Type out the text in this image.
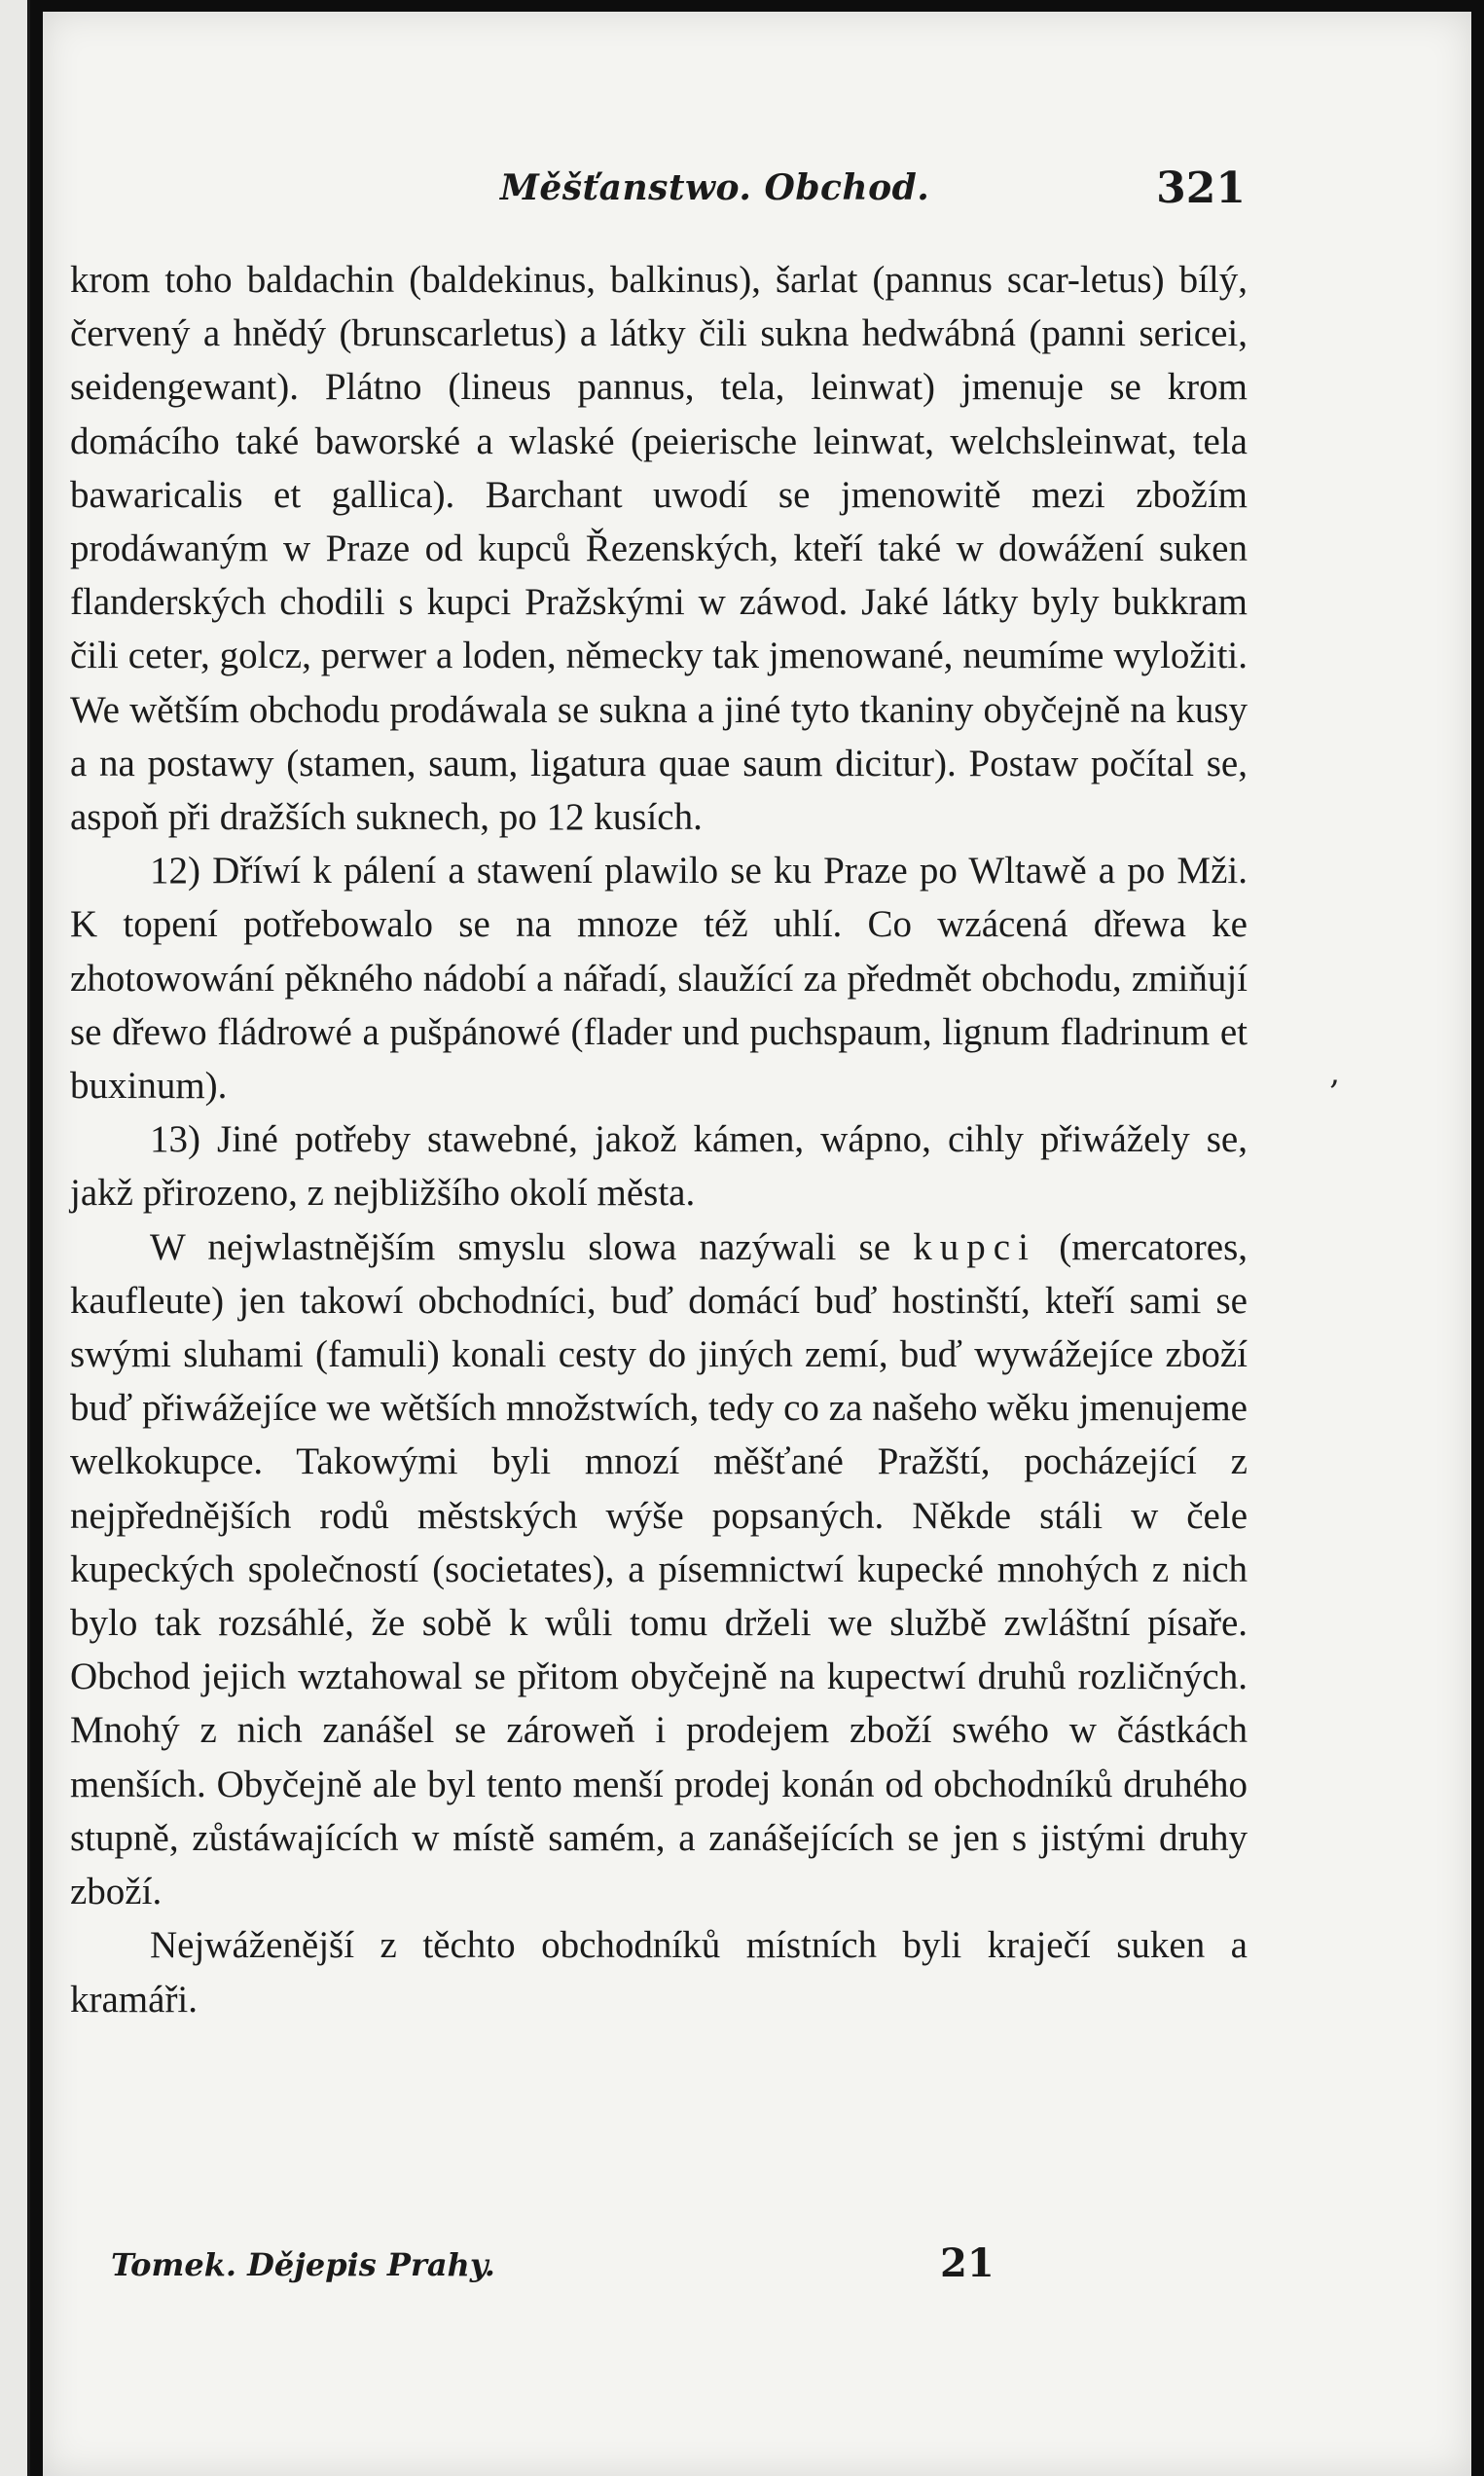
Měšťanstwo. Obchod.	321

krom toho baldachin (baldekinus, balkinus), šarlat (pannus scar-letus) bílý, červený a hnědý (brunscarletus) a látky čili sukna hedwábná (panni sericei, seidengewant). Plátno (lineus pannus, tela, leinwat) jmenuje se krom domácího také baworské a wlaské (peierische leinwat, welchsleinwat, tela bawaricalis et gallica). Barchant uwodí se jmenowitě mezi zbožím prodáwaným w Praze od kupců Řezenských, kteří také w dowážení suken flanderských chodili s kupci Pražskými w záwod. Jaké látky byly bukkram čili ceter, golcz, perwer a loden, německy tak jmenowané, neumíme wyložiti. We wětším obchodu prodáwala se sukna a jiné tyto tkaniny obyčejně na kusy a na postawy (stamen, saum, ligatura quae saum dicitur). Postaw počítal se, aspoň při dražších suknech, po 12 kusích.

12) Dříwí k pálení a stawení plawilo se ku Praze po Wltawě a po Mži. K topení potřebowalo se na mnoze též uhlí. Co wzácená dřewa ke zhotowowání pěkného nádobí a nářadí, slaužící za předmět obchodu, zmiňují se dřewo fládrowé a pušpánowé (flader und puchspaum, lignum fladrinum et buxinum).

13) Jiné potřeby stawebné, jakož kámen, wápno, cihly přiwážely se, jakž přirozeno, z nejbližšího okolí města.

W nejwlastnějším smyslu slowa nazýwali se kupci (mercatores, kaufleute) jen takowí obchodníci, buď domácí buď hostinští, kteří sami se swými sluhami (famuli) konali cesty do jiných zemí, buď wywážejíce zboží buď přiwážejíce we wětších množstwích, tedy co za našeho wěku jmenujeme welkokupce. Takowými byli mnozí měšťané Pražští, pocházející z nejpřednějších rodů městských wýše popsaných. Někde stáli w čele kupeckých společností (societates), a písemnictwí kupecké mnohých z nich bylo tak rozsáhlé, že sobě k wůli tomu drželi we službě zwláštní písaře. Obchod jejich wztahowal se přitom obyčejně na kupectwí druhů rozličných. Mnohý z nich zanášel se zároweň i prodejem zboží swého w částkách menších. Obyčejně ale byl tento menší prodej konán od obchodníků druhého stupně, zůstáwajících w místě samém, a zanášejících se jen s jistými druhy zboží.

Nejwáženější z těchto obchodníků místních byli kraječí suken a kramáři.

Tomek. Dějepis Prahy.	21
‚
